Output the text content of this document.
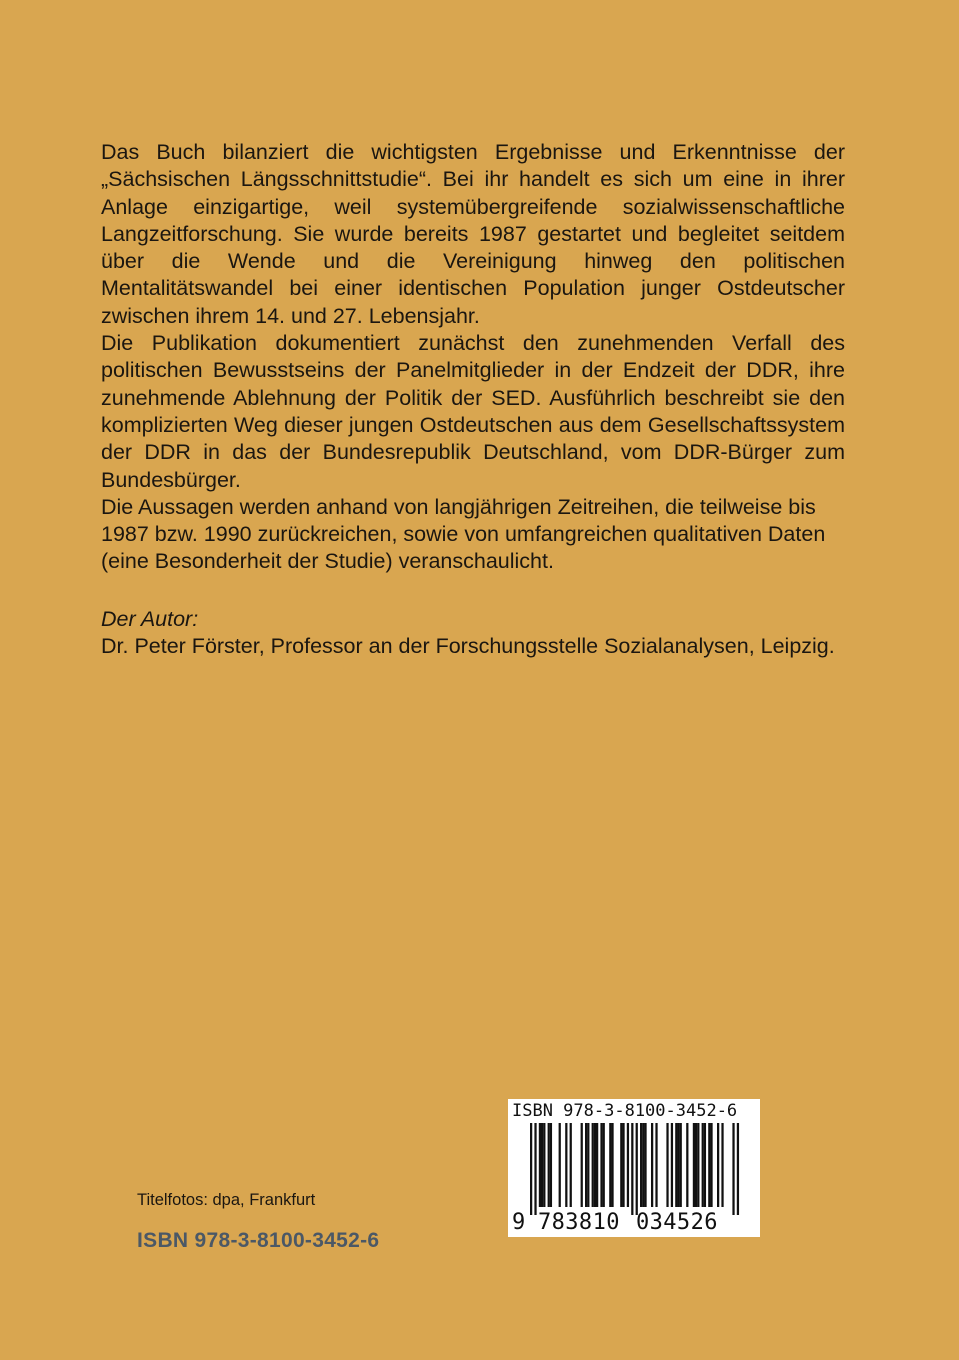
Das Buch bilanziert die wichtigsten Ergebnisse und Erkenntnisse der „Sächsischen Längsschnittstudie“. Bei ihr handelt es sich um eine in ihrer Anlage einzigartige, weil systemübergreifende sozialwissenschaftliche Langzeitforschung. Sie wurde bereits 1987 gestartet und begleitet seitdem über die Wende und die Vereinigung hinweg den politischen Mentalitätswandel bei einer identischen Population junger Ostdeutscher zwischen ihrem 14. und 27. Lebensjahr.

Die Publikation dokumentiert zunächst den zunehmenden Verfall des politischen Bewusstseins der Panelmitglieder in der Endzeit der DDR, ihre zunehmende Ablehnung der Politik der SED. Ausführlich beschreibt sie den komplizierten Weg dieser jungen Ostdeutschen aus dem Gesellschaftssystem der DDR in das der Bundesrepublik Deutschland, vom DDR-Bürger zum Bundesbürger.

Die Aussagen werden anhand von langjährigen Zeitreihen, die teilweise bis 1987 bzw. 1990 zurückreichen, sowie von umfangreichen qualitativen Daten (eine Besonderheit der Studie) veranschaulicht.

Der Autor:
Dr. Peter Förster, Professor an der Forschungsstelle Sozialanalysen, Leipzig.
Titelfotos: dpa, Frankfurt
ISBN 978-3-8100-3452-6
ISBN 978-3-8100-3452-6
9 783810 034526
